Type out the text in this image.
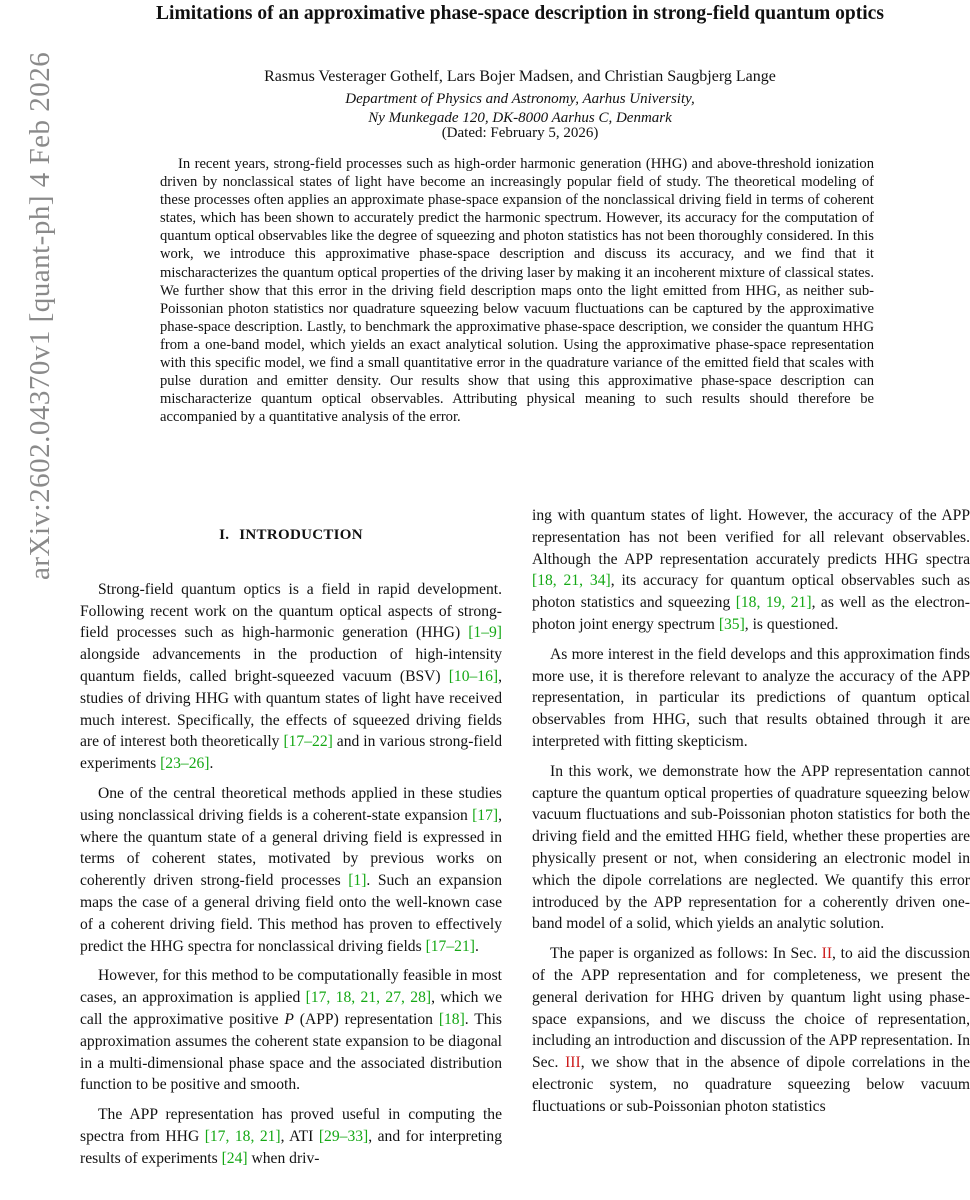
arXiv:2602.04370v1 [quant-ph] 4 Feb 2026
Limitations of an approximative phase-space description in strong-field quantum optics
Rasmus Vesterager Gothelf, Lars Bojer Madsen, and Christian Saugbjerg Lange
Department of Physics and Astronomy, Aarhus University,
Ny Munkegade 120, DK-8000 Aarhus C, Denmark
(Dated: February 5, 2026)
In recent years, strong-field processes such as high-order harmonic generation (HHG) and above-threshold ionization driven by nonclassical states of light have become an increasingly popular field of study. The theoretical modeling of these processes often applies an approximate phase-space expansion of the nonclassical driving field in terms of coherent states, which has been shown to accurately predict the harmonic spectrum. However, its accuracy for the computation of quantum optical observables like the degree of squeezing and photon statistics has not been thoroughly considered. In this work, we introduce this approximative phase-space description and discuss its accuracy, and we find that it mischaracterizes the quantum optical properties of the driving laser by making it an incoherent mixture of classical states. We further show that this error in the driving field description maps onto the light emitted from HHG, as neither sub-Poissonian photon statistics nor quadrature squeezing below vacuum fluctuations can be captured by the approximative phase-space description. Lastly, to benchmark the approximative phase-space description, we consider the quantum HHG from a one-band model, which yields an exact analytical solution. Using the approximative phase-space representation with this specific model, we find a small quantitative error in the quadrature variance of the emitted field that scales with pulse duration and emitter density. Our results show that using this approximative phase-space description can mischaracterize quantum optical observables. Attributing physical meaning to such results should therefore be accompanied by a quantitative analysis of the error.
I. INTRODUCTION

Strong-field quantum optics is a field in rapid development. Following recent work on the quantum optical aspects of strong-field processes such as high-harmonic generation (HHG) [1–9] alongside advancements in the production of high-intensity quantum fields, called bright-squeezed vacuum (BSV) [10–16], studies of driving HHG with quantum states of light have received much interest. Specifically, the effects of squeezed driving fields are of interest both theoretically [17–22] and in various strong-field experiments [23–26].

One of the central theoretical methods applied in these studies using nonclassical driving fields is a coherent-state expansion [17], where the quantum state of a general driving field is expressed in terms of coherent states, motivated by previous works on coherently driven strong-field processes [1]. Such an expansion maps the case of a general driving field onto the well-known case of a coherent driving field. This method has proven to effectively predict the HHG spectra for nonclassical driving fields [17–21].

However, for this method to be computationally feasible in most cases, an approximation is applied [17, 18, 21, 27, 28], which we call the approximative positive P (APP) representation [18]. This approximation assumes the coherent state expansion to be diagonal in a multi-dimensional phase space and the associated distribution function to be positive and smooth.

The APP representation has proved useful in computing the spectra from HHG [17, 18, 21], ATI [29–33], and for interpreting results of experiments [24] when driv-

ing with quantum states of light. However, the accuracy of the APP representation has not been verified for all relevant observables. Although the APP representation accurately predicts HHG spectra [18, 21, 34], its accuracy for quantum optical observables such as photon statistics and squeezing [18, 19, 21], as well as the electron-photon joint energy spectrum [35], is questioned.

As more interest in the field develops and this approximation finds more use, it is therefore relevant to analyze the accuracy of the APP representation, in particular its predictions of quantum optical observables from HHG, such that results obtained through it are interpreted with fitting skepticism.

In this work, we demonstrate how the APP representation cannot capture the quantum optical properties of quadrature squeezing below vacuum fluctuations and sub-Poissonian photon statistics for both the driving field and the emitted HHG field, whether these properties are physically present or not, when considering an electronic model in which the dipole correlations are neglected. We quantify this error introduced by the APP representation for a coherently driven one-band model of a solid, which yields an analytic solution.

The paper is organized as follows: In Sec. II, to aid the discussion of the APP representation and for completeness, we present the general derivation for HHG driven by quantum light using phase-space expansions, and we discuss the choice of representation, including an introduction and discussion of the APP representation. In Sec. III, we show that in the absence of dipole correlations in the electronic system, no quadrature squeezing below vacuum fluctuations or sub-Poissonian photon statistics
